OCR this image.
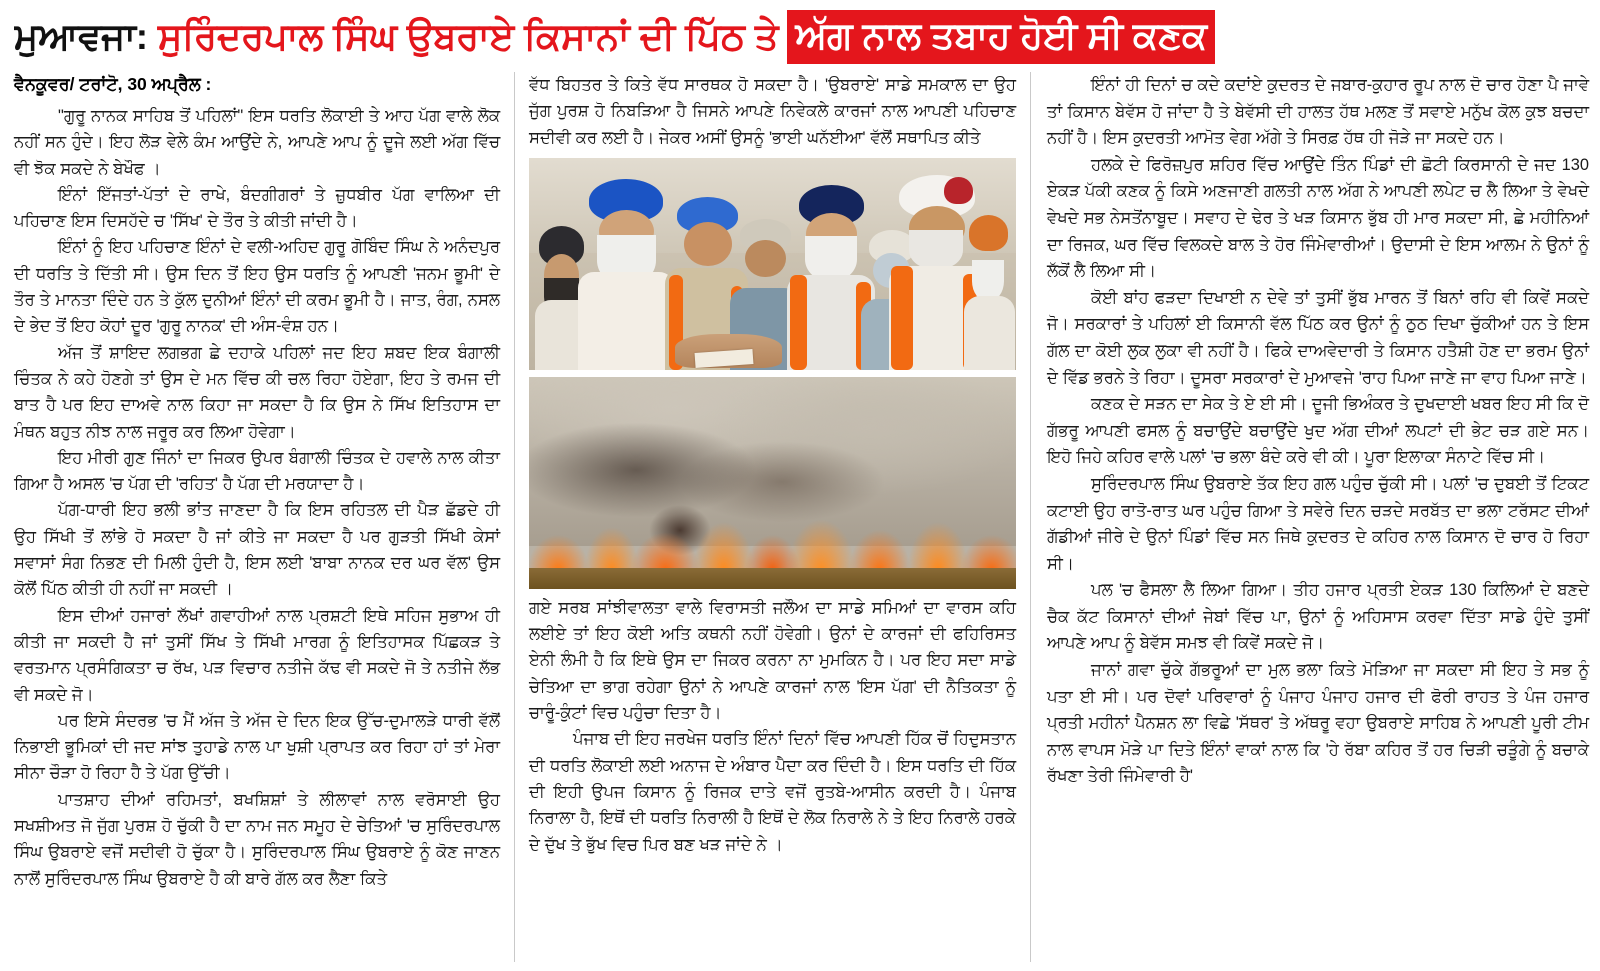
ਮੁਆਵਜਾ: ਸੁਰਿੰਦਰਪਾਲ ਸਿੰਘ ਉਬਰਾਏ ਕਿਸਾਨਾਂ ਦੀ ਪਿੱਠ ਤੇ ਅੱਗ ਨਾਲ ਤਬਾਹ ਹੋਈ ਸੀ ਕਣਕ
ਵੈਨਕੂਵਰ/ ਟਰਾਂਟੋ, 30 ਅਪ੍ਰੈਲ :

"ਗੁਰੂ ਨਾਨਕ ਸਾਹਿਬ ਤੋਂ ਪਹਿਲਾਂ" ਇਸ ਧਰਤਿ ਲੋਕਾਈ ਤੇ ਆਹ ਪੱਗ ਵਾਲੇ ਲੋਕ ਨਹੀਂ ਸਨ ਹੁੰਦੇ। ਇਹ ਲੋੜ ਵੇਲੇ ਕੰਮ ਆਉਂਦੇ ਨੇ, ਆਪਣੇ ਆਪ ਨੂੰ ਦੂਜੇ ਲਈ ਅੱਗ ਵਿੱਚ ਵੀ ਝੋਕ ਸਕਦੇ ਨੇ ਬੇਖੌਫ ।

ਇੰਨਾਂ ਇੱਜਤਾਂ-ਪੱਤਾਂ ਦੇ ਰਾਖੇ, ਬੰਦਗੀਗਰਾਂ ਤੇ ਜ਼ੁਧਬੀਰ ਪੱਗ ਵਾਲਿਆ ਦੀ ਪਹਿਚਾਣ ਇਸ ਦਿਸਹੱਦੇ ਚ 'ਸਿੱਖ' ਦੇ ਤੌਰ ਤੇ ਕੀਤੀ ਜਾਂਦੀ ਹੈ।

ਇੰਨਾਂ ਨੂੰ ਇਹ ਪਹਿਚਾਣ ਇੰਨਾਂ ਦੇ ਵਲੀ-ਅਹਿਦ ਗੁਰੂ ਗੋਬਿੰਦ ਸਿੰਘ ਨੇ ਅਨੰਦਪੁਰ ਦੀ ਧਰਤਿ ਤੇ ਦਿੱਤੀ ਸੀ। ਉਸ ਦਿਨ ਤੋਂ ਇਹ ਉਸ ਧਰਤਿ ਨੂੰ ਆਪਣੀ 'ਜਨਮ ਭੂਮੀ' ਦੇ ਤੌਰ ਤੇ ਮਾਨਤਾ ਦਿੰਦੇ ਹਨ ਤੇ ਕੁੱਲ ਦੁਨੀਆਂ ਇੰਨਾਂ ਦੀ ਕਰਮ ਭੂਮੀ ਹੈ। ਜਾਤ, ਰੰਗ, ਨਸਲ ਦੇ ਭੇਦ ਤੋਂ ਇਹ ਕੋਹਾਂ ਦੂਰ 'ਗੁਰੂ ਨਾਨਕ' ਦੀ ਅੰਸ-ਵੰਸ਼ ਹਨ।

ਅੱਜ ਤੋਂ ਸ਼ਾਇਦ ਲਗਭਗ ਛੇ ਦਹਾਕੇ ਪਹਿਲਾਂ ਜਦ ਇਹ ਸ਼ਬਦ ਇਕ ਬੰਗਾਲੀ ਚਿੰਤਕ ਨੇ ਕਹੇ ਹੋਣਗੇ ਤਾਂ ਉਸ ਦੇ ਮਨ ਵਿੱਚ ਕੀ ਚਲ ਰਿਹਾ ਹੋਏਗਾ, ਇਹ ਤੇ ਰਮਜ ਦੀ ਬਾਤ ਹੈ ਪਰ ਇਹ ਦਾਅਵੇ ਨਾਲ ਕਿਹਾ ਜਾ ਸਕਦਾ ਹੈ ਕਿ ਉਸ ਨੇ ਸਿੱਖ ਇਤਿਹਾਸ ਦਾ ਮੰਥਨ ਬਹੁਤ ਨੀਝ ਨਾਲ ਜਰੂਰ ਕਰ ਲਿਆ ਹੋਵੇਗਾ।

ਇਹ ਮੀਰੀ ਗੁਣ ਜਿੰਨਾਂ ਦਾ ਜਿਕਰ ਉਪਰ ਬੰਗਾਲੀ ਚਿੰਤਕ ਦੇ ਹਵਾਲੇ ਨਾਲ ਕੀਤਾ ਗਿਆ ਹੈ ਅਸਲ 'ਚ ਪੱਗ ਦੀ 'ਰਹਿਤ' ਹੈ ਪੱਗ ਦੀ ਮਰਯਾਦਾ ਹੈ।

ਪੱਗ-ਧਾਰੀ ਇਹ ਭਲੀ ਭਾਂਤ ਜਾਣਦਾ ਹੈ ਕਿ ਇਸ ਰਹਿਤਲ ਦੀ ਪੈੜ ਛੱਡਦੇ ਹੀ ਉਹ ਸਿੱਖੀ ਤੋਂ ਲਾਂਭੇ ਹੋ ਸਕਦਾ ਹੈ ਜਾਂ ਕੀਤੇ ਜਾ ਸਕਦਾ ਹੈ ਪਰ ਗੁੜਤੀ ਸਿੱਖੀ ਕੇਸਾਂ ਸਵਾਸਾਂ ਸੰਗ ਨਿਭਣ ਦੀ ਮਿਲੀ ਹੁੰਦੀ ਹੈ, ਇਸ ਲਈ 'ਬਾਬਾ ਨਾਨਕ ਦਰ ਘਰ ਵੱਲ' ਉਸ ਕੋਲੋਂ ਪਿੱਠ ਕੀਤੀ ਹੀ ਨਹੀਂ ਜਾ ਸਕਦੀ ।

ਇਸ ਦੀਆਂ ਹਜਾਰਾਂ ਲੱਖਾਂ ਗਵਾਹੀਆਂ ਨਾਲ ਪ੍ਰਸ਼ਟੀ ਇਥੇ ਸਹਿਜ ਸੁਭਾਅ ਹੀ ਕੀਤੀ ਜਾ ਸਕਦੀ ਹੈ ਜਾਂ ਤੁਸੀਂ ਸਿੱਖ ਤੇ ਸਿੱਖੀ ਮਾਰਗ ਨੂੰ ਇਤਿਹਾਸਕ ਪਿੱਛਕੜ ਤੇ ਵਰਤਮਾਨ ਪ੍ਰਸੰਗਿਕਤਾ ਚ ਰੱਖ, ਪੜ ਵਿਚਾਰ ਨਤੀਜੇ ਕੱਢ ਵੀ ਸਕਦੇ ਜੋ ਤੇ ਨਤੀਜੇ ਲੱਭ ਵੀ ਸਕਦੇ ਜੋ।

ਪਰ ਇਸੇ ਸੰਦਰਭ 'ਚ ਮੈਂ ਅੱਜ ਤੇ ਅੱਜ ਦੇ ਦਿਨ ਇਕ ਉੱਚ-ਦੁਮਾਲੜੇ ਧਾਰੀ ਵੱਲੋਂ ਨਿਭਾਈ ਭੂਮਿਕਾਂ ਦੀ ਜਦ ਸਾਂਝ ਤੁਹਾਡੇ ਨਾਲ ਪਾ ਖੁਸ਼ੀ ਪ੍ਰਾਪਤ ਕਰ ਰਿਹਾ ਹਾਂ ਤਾਂ ਮੇਰਾ ਸੀਨਾ ਚੌੜਾ ਹੋ ਰਿਹਾ ਹੈ ਤੇ ਪੱਗ ਉੱਚੀ।

ਪਾਤਸ਼ਾਹ ਦੀਆਂ ਰਹਿਮਤਾਂ, ਬਖਸ਼ਿਸ਼ਾਂ ਤੇ ਲੀਲਾਵਾਂ ਨਾਲ ਵਰੋਸਾਈ ਉਹ ਸਖਸ਼ੀਅਤ ਜੋ ਜੁੱਗ ਪੁਰਸ਼ ਹੋ ਚੁੱਕੀ ਹੈ ਦਾ ਨਾਮ ਜਨ ਸਮੂਹ ਦੇ ਚੇਤਿਆਂ 'ਚ ਸੁਰਿੰਦਰਪਾਲ ਸਿੰਘ ਉਬਰਾਏ ਵਜੋਂ ਸਦੀਵੀ ਹੋ ਚੁੱਕਾ ਹੈ। ਸੁਰਿੰਦਰਪਾਲ ਸਿੰਘ ਉਬਰਾਏ ਨੂੰ ਕੋਣ ਜਾਣਨ ਨਾਲੋਂ ਸੁਰਿੰਦਰਪਾਲ ਸਿੰਘ ਉਬਰਾਏ ਹੈ ਕੀ ਬਾਰੇ ਗੱਲ ਕਰ ਲੈਣਾ ਕਿਤੇ

ਵੱਧ ਬਿਹਤਰ ਤੇ ਕਿਤੇ ਵੱਧ ਸਾਰਥਕ ਹੋ ਸਕਦਾ ਹੈ। 'ਉਬਰਾਏ' ਸਾਡੇ ਸਮਕਾਲ ਦਾ ਉਹ ਜੁੱਗ ਪੁਰਸ਼ ਹੋ ਨਿਬੜਿਆ ਹੈ ਜਿਸਨੇ ਆਪਣੇ ਨਿਵੇਕਲੇ ਕਾਰਜਾਂ ਨਾਲ ਆਪਣੀ ਪਹਿਚਾਣ ਸਦੀਵੀ ਕਰ ਲਈ ਹੈ। ਜੇਕਰ ਅਸੀਂ ਉਸਨੂੰ 'ਭਾਈ ਘਨੱਈਆ' ਵੱਲੋਂ ਸਥਾਪਿਤ ਕੀਤੇ

ਗਏ ਸਰਬ ਸਾਂਝੀਵਾਲਤਾ ਵਾਲੇ ਵਿਰਾਸਤੀ ਜਲੌਅ ਦਾ ਸਾਡੇ ਸਮਿਆਂ ਦਾ ਵਾਰਸ ਕਹਿ ਲਈਏ ਤਾਂ ਇਹ ਕੋਈ ਅਤਿ ਕਥਨੀ ਨਹੀਂ ਹੋਵੇਗੀ। ਉਨਾਂ ਦੇ ਕਾਰਜਾਂ ਦੀ ਫਹਿਰਿਸਤ ਏਨੀ ਲੰਮੀ ਹੈ ਕਿ ਇਥੇ ਉਸ ਦਾ ਜਿਕਰ ਕਰਨਾ ਨਾ ਮੁਮਕਿਨ ਹੈ। ਪਰ ਇਹ ਸਦਾ ਸਾਡੇ ਚੇਤਿਆ ਦਾ ਭਾਗ ਰਹੇਗਾ ਉਨਾਂ ਨੇ ਆਪਣੇ ਕਾਰਜਾਂ ਨਾਲ 'ਇਸ ਪੱਗ' ਦੀ ਨੈਤਿਕਤਾ ਨੂੰ ਚਾਰੂੰ-ਕੁੰਟਾਂ ਵਿਚ ਪਹੁੰਚਾ ਦਿਤਾ ਹੈ।

ਪੰਜਾਬ ਦੀ ਇਹ ਜਰਖੇਜ ਧਰਤਿ ਇੰਨਾਂ ਦਿਨਾਂ ਵਿੱਚ ਆਪਣੀ ਹਿੱਕ ਚੋਂ ਹਿਦੁਸਤਾਨ ਦੀ ਧਰਤਿ ਲੋਕਾਈ ਲਈ ਅਨਾਜ ਦੇ ਅੰਬਾਰ ਪੈਦਾ ਕਰ ਦਿੰਦੀ ਹੈ। ਇਸ ਧਰਤਿ ਦੀ ਹਿੱਕ ਦੀ ਇਹੀ ਉਪਜ ਕਿਸਾਨ ਨੂੰ ਰਿਜਕ ਦਾਤੇ ਵਜੋਂ ਰੁਤਬੇ-ਆਸੀਨ ਕਰਦੀ ਹੈ। ਪੰਜਾਬ ਨਿਰਾਲਾ ਹੈ, ਇਥੋਂ ਦੀ ਧਰਤਿ ਨਿਰਾਲੀ ਹੈ ਇਥੋਂ ਦੇ ਲੋਕ ਨਿਰਾਲੇ ਨੇ ਤੇ ਇਹ ਨਿਰਾਲੇ ਹਰਕੇ ਦੇ ਦੁੱਖ ਤੇ ਭੁੱਖ ਵਿਚ ਪਿਰ ਬਣ ਖੜ ਜਾਂਦੇ ਨੇ ।

ਇੰਨਾਂ ਹੀ ਦਿਨਾਂ ਚ ਕਦੇ ਕਦਾਂਏ ਕੁਦਰਤ ਦੇ ਜਬਾਰ-ਕੁਹਾਰ ਰੂਪ ਨਾਲ ਦੋ ਚਾਰ ਹੋਣਾ ਪੈ ਜਾਵੇ ਤਾਂ ਕਿਸਾਨ ਬੇਵੱਸ ਹੋ ਜਾਂਦਾ ਹੈ ਤੇ ਬੇਵੱਸੀ ਦੀ ਹਾਲਤ ਹੱਥ ਮਲਣ ਤੋਂ ਸਵਾਏ ਮਨੁੱਖ ਕੋਲ ਕੁਝ ਬਚਦਾ ਨਹੀਂ ਹੈ। ਇਸ ਕੁਦਰਤੀ ਆਮੋਤ ਵੇਗ ਅੱਗੇ ਤੇ ਸਿਰਫ਼ ਹੱਥ ਹੀ ਜੋੜੇ ਜਾ ਸਕਦੇ ਹਨ।

ਹਲਕੇ ਦੇ ਫਿਰੋਜ਼ਪੁਰ ਸ਼ਹਿਰ ਵਿੱਚ ਆਉਂਦੇ ਤਿੰਨ ਪਿੰਡਾਂ ਦੀ ਛੋਟੀ ਕਿਰਸਾਨੀ ਦੇ ਜਦ 130 ਏਕੜ ਪੱਕੀ ਕਣਕ ਨੂੰ ਕਿਸੇ ਅਣਜਾਣੀ ਗਲਤੀ ਨਾਲ ਅੱਗ ਨੇ ਆਪਣੀ ਲਪੇਟ ਚ ਲੈ ਲਿਆ ਤੇ ਵੇਖਦੇ ਵੇਖਦੇ ਸਭ ਨੇਸਤੋਂਨਾਬੂਦ। ਸਵਾਹ ਦੇ ਢੇਰ ਤੇ ਖੜ ਕਿਸਾਨ ਭੁੱਬ ਹੀ ਮਾਰ ਸਕਦਾ ਸੀ, ਛੇ ਮਹੀਨਿਆਂ ਦਾ ਰਿਜਕ, ਘਰ ਵਿੱਚ ਵਿਲਕਦੇ ਬਾਲ ਤੇ ਹੋਰ ਜਿੰਮੇਵਾਰੀਆਂ। ਉਦਾਸੀ ਦੇ ਇਸ ਆਲਮ ਨੇ ਉਨਾਂ ਨੂੰ ਲੱਕੋਂ ਲੈ ਲਿਆ ਸੀ।

ਕੋਈ ਬਾਂਹ ਫੜਦਾ ਦਿਖਾਈ ਨ ਦੇਵੇ ਤਾਂ ਤੁਸੀਂ ਭੁੱਬ ਮਾਰਨ ਤੋਂ ਬਿਨਾਂ ਰਹਿ ਵੀ ਕਿਵੇਂ ਸਕਦੇ ਜੋ। ਸਰਕਾਰਾਂ ਤੇ ਪਹਿਲਾਂ ਈ ਕਿਸਾਨੀ ਵੱਲ ਪਿੱਠ ਕਰ ਉਨਾਂ ਨੂੰ ਠੁਠ ਦਿਖਾ ਚੁੱਕੀਆਂ ਹਨ ਤੇ ਇਸ ਗੱਲ ਦਾ ਕੋਈ ਲੁਕ ਲੁਕਾ ਵੀ ਨਹੀਂ ਹੈ। ਫਿਕੇ ਦਾਅਵੇਦਾਰੀ ਤੇ ਕਿਸਾਨ ਹਤੈਸ਼ੀ ਹੋਣ ਦਾ ਭਰਮ ਉਨਾਂ ਦੇ ਵਿੱਡ ਭਰਨੇ ਤੇ ਰਿਹਾ। ਦੂਸਰਾ ਸਰਕਾਰਾਂ ਦੇ ਮੁਆਵਜੇ 'ਰਾਹ ਪਿਆ ਜਾਣੇ ਜਾ ਵਾਹ ਪਿਆ ਜਾਣੇ।

ਕਣਕ ਦੇ ਸੜਨ ਦਾ ਸੇਕ ਤੇ ਏ ਈ ਸੀ। ਦੂਜੀ ਭਿਅੰਕਰ ਤੇ ਦੁਖਦਾਈ ਖਬਰ ਇਹ ਸੀ ਕਿ ਦੋ ਗੱਭਰੂ ਆਪਣੀ ਫਸਲ ਨੂੰ ਬਚਾਉਂਦੇ ਬਚਾਉਂਦੇ ਖੁਦ ਅੱਗ ਦੀਆਂ ਲਪਟਾਂ ਦੀ ਭੇਟ ਚੜ ਗਏ ਸਨ। ਇਹੋ ਜਿਹੇ ਕਹਿਰ ਵਾਲੇ ਪਲਾਂ 'ਚ ਭਲਾ ਬੰਦੇ ਕਰੇ ਵੀ ਕੀ। ਪੂਰਾ ਇਲਾਕਾ ਸੰਨਾਟੇ ਵਿੱਚ ਸੀ।

ਸੁਰਿੰਦਰਪਾਲ ਸਿੰਘ ਉਬਰਾਏ ਤੱਕ ਇਹ ਗਲ ਪਹੁੰਚ ਚੁੱਕੀ ਸੀ। ਪਲਾਂ 'ਚ ਦੁਬਈ ਤੋਂ ਟਿਕਟ ਕਟਾਈ ਉਹ ਰਾਤੋ-ਰਾਤ ਘਰ ਪਹੁੰਚ ਗਿਆ ਤੇ ਸਵੇਰੇ ਦਿਨ ਚੜਦੇ ਸਰਬੱਤ ਦਾ ਭਲਾ ਟਰੱਸਟ ਦੀਆਂ ਗੱਡੀਆਂ ਜੀਰੇ ਦੇ ਉਨਾਂ ਪਿੰਡਾਂ ਵਿੱਚ ਸਨ ਜਿਥੇ ਕੁਦਰਤ ਦੇ ਕਹਿਰ ਨਾਲ ਕਿਸਾਨ ਦੋ ਚਾਰ ਹੋ ਰਿਹਾ ਸੀ।

ਪਲ 'ਚ ਫੈਸਲਾ ਲੈ ਲਿਆ ਗਿਆ। ਤੀਹ ਹਜਾਰ ਪ੍ਰਤੀ ਏਕੜ 130 ਕਿਲਿਆਂ ਦੇ ਬਣਦੇ ਚੈਕ ਕੱਟ ਕਿਸਾਨਾਂ ਦੀਆਂ ਜੇਬਾਂ ਵਿੱਚ ਪਾ, ਉਨਾਂ ਨੂੰ ਅਹਿਸਾਸ ਕਰਵਾ ਦਿੱਤਾ ਸਾਡੇ ਹੁੰਦੇ ਤੁਸੀਂ ਆਪਣੇ ਆਪ ਨੂੰ ਬੇਵੱਸ ਸਮਝ ਵੀ ਕਿਵੇਂ ਸਕਦੇ ਜੋ।

ਜਾਨਾਂ ਗਵਾ ਚੁੱਕੇ ਗੱਭਰੂਆਂ ਦਾ ਮੁਲ ਭਲਾ ਕਿਤੇ ਮੋੜਿਆ ਜਾ ਸਕਦਾ ਸੀ ਇਹ ਤੇ ਸਭ ਨੂੰ ਪਤਾ ਈ ਸੀ। ਪਰ ਦੋਵਾਂ ਪਰਿਵਾਰਾਂ ਨੂੰ ਪੰਜਾਹ ਪੰਜਾਹ ਹਜਾਰ ਦੀ ਫੋਰੀ ਰਾਹਤ ਤੇ ਪੰਜ ਹਜਾਰ ਪ੍ਰਤੀ ਮਹੀਨਾਂ ਪੈਨਸ਼ਨ ਲਾ ਵਿਛੇ 'ਸੱਥਰ' ਤੇ ਅੱਥਰੂ ਵਹਾ ਉਬਰਾਏ ਸਾਹਿਬ ਨੇ ਆਪਣੀ ਪੂਰੀ ਟੀਮ ਨਾਲ ਵਾਪਸ ਮੋੜੇ ਪਾ ਦਿਤੇ ਇੰਨਾਂ ਵਾਕਾਂ ਨਾਲ ਕਿ 'ਹੇ ਰੱਬਾ ਕਹਿਰ ਤੋਂ ਹਰ ਚਿੜੀ ਚੜੂੰਗੇ ਨੂੰ ਬਚਾਕੇ ਰੱਖਣਾ ਤੇਰੀ ਜਿੰਮੇਵਾਰੀ ਹੈ'
